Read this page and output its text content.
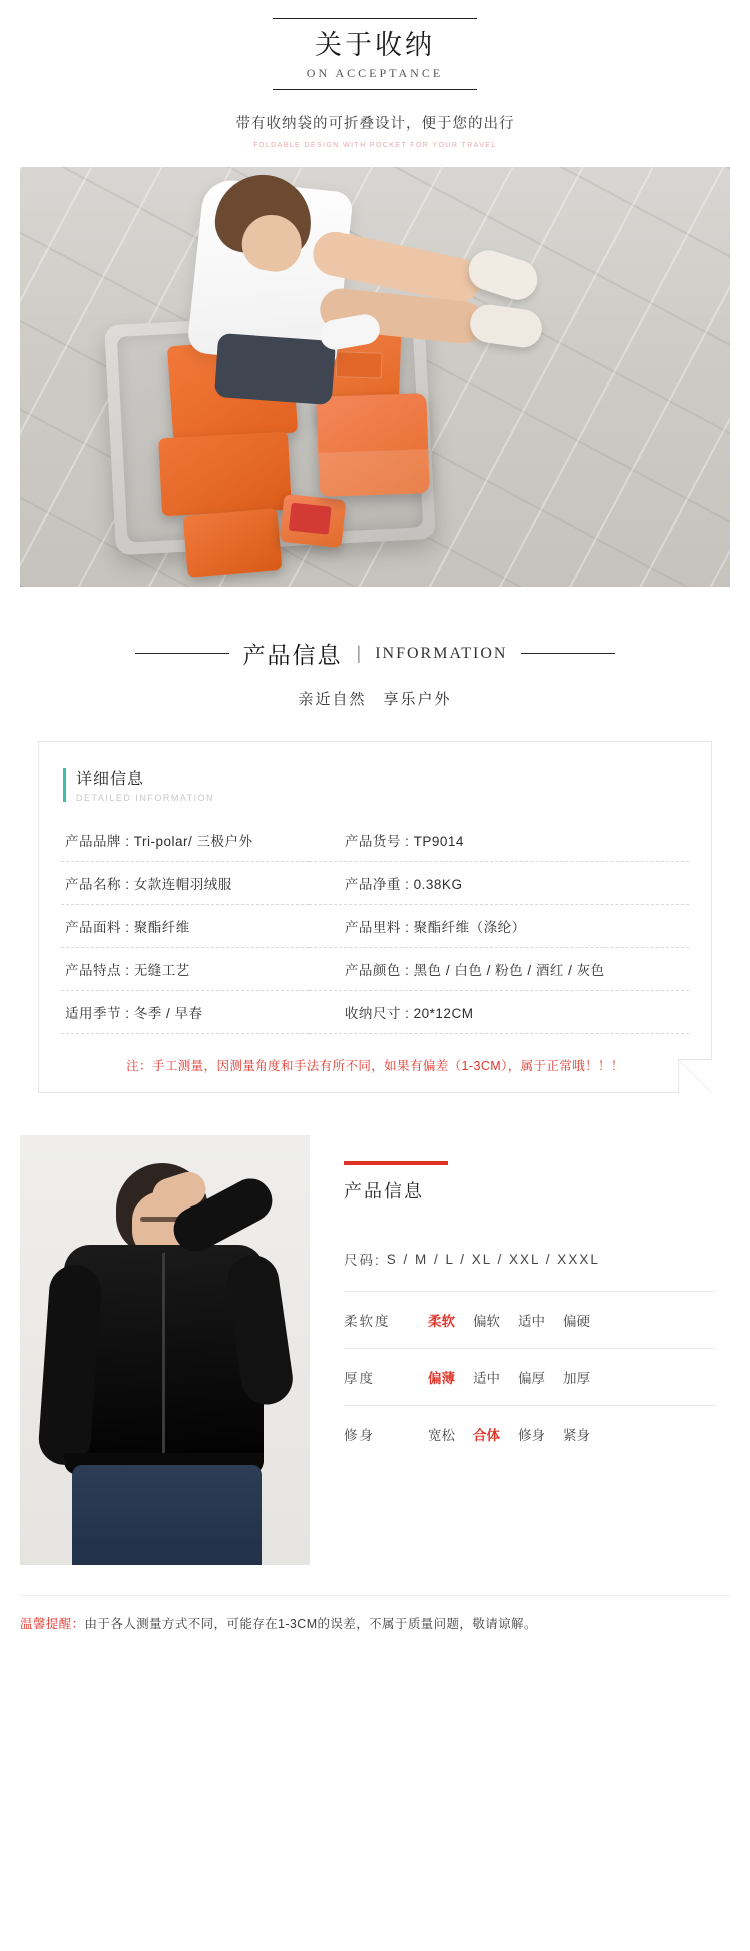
关于收纳
ON ACCEPTANCE
带有收纳袋的可折叠设计，便于您的出行
FOLDABLE DESIGN WITH POCKET FOR YOUR TRAVEL
产品信息 | INFORMATION
亲近自然　享乐户外
详细信息
DETAILED INFORMATION
产品品牌 : Tri-polar/ 三极户外	产品货号 : TP9014
产品名称 : 女款连帽羽绒服	产品净重 : 0.38KG
产品面料 : 聚酯纤维	产品里料 : 聚酯纤维（涤纶）
产品特点 : 无缝工艺	产品颜色 : 黑色 / 白色 / 粉色 / 酒红 / 灰色
适用季节 : 冬季 / 早春	收纳尺寸 : 20*12CM
注：手工测量，因测量角度和手法有所不同，如果有偏差（1-3CM），属于正常哦！！！
产品信息
尺码: S / M / L / XL / XXL / XXXL
柔软度	柔软 偏软 适中 偏硬
厚度	偏薄 适中 偏厚 加厚
修身	宽松 合体 修身 紧身
温馨提醒：由于各人测量方式不同，可能存在1-3CM的误差，不属于质量问题，敬请谅解。
